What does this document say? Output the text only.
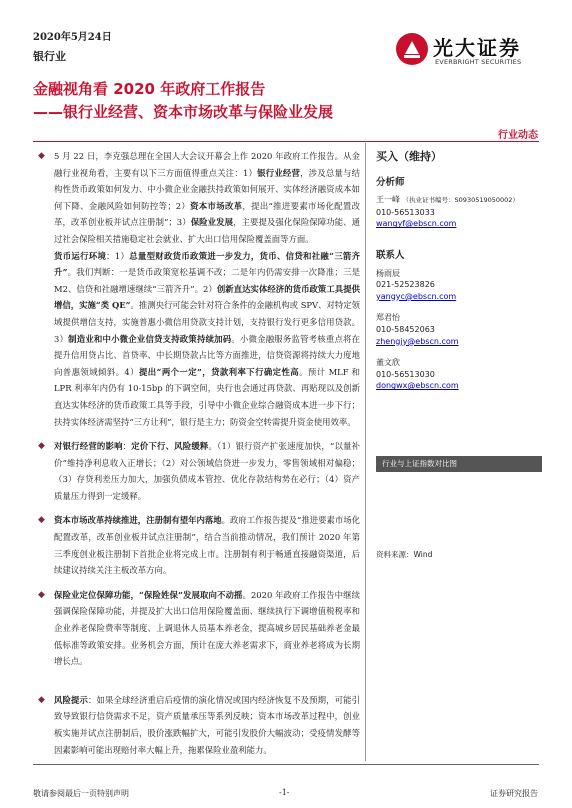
2020年5月24日
银行业	光大证券
EVERBRIGHT SECURITIES
金融视角看 2020 年政府工作报告
——银行业经营、资本市场改革与保险业发展
行业动态

◆ 5 月 22 日，李克强总理在全国人大会议开幕会上作 2020 年政府工作报告。从金融行业视角看，主要有以下三方面值得重点关注：1）银行业经营，涉及总量与结构性货币政策如何发力、中小微企业金融扶持政策如何展开、实体经济融资成本如何下降、金融风险如何防控等；2）资本市场改革，提出“推进要素市场化配置改革，改革创业板并试点注册制”；3）保险业发展，主要提及强化保险保障功能、通过社会保险相关措施稳定社会就业、扩大出口信用保险覆盖面等方面。

货币运行环境：1）总量型财政货币政策进一步发力，货币、信贷和社融“三箭齐升”。我们判断：一是货币政策宽松基调不改；二是年内仍需安排一次降准；三是 M2、信贷和社融增速继续“三箭齐升”。2）创新直达实体经济的货币政策工具提供增信，实施“类 QE”。推测央行可能会针对符合条件的金融机构或 SPV、对特定领域提供增信支持，实施普惠小微信用贷款支持计划，支持银行发行更多信用贷款。3）制造业和中小微企业信贷支持政策持续加码。小微金融服务监管考核重点将在提升信用贷占比、首贷率、中长期贷款占比等方面推进，信贷资源将持续大力度地向普惠领域倾斜。4）提出“两个一定”，贷款利率下行确定性高。预计 MLF 和 LPR 利率年内仍有 10-15bp 的下调空间，央行也会通过再贷款、再贴现以及创新直达实体经济的货币政策工具等手段，引导中小微企业综合融资成本进一步下行；扶持实体经济需坚持“三方让利”，银行是主力；防资金空转需提升资金使用效率。

◆ 对银行经营的影响：定价下行、风险缓释。（1）银行资产扩张速度加快，“以量补价”维持净利息收入正增长；（2）对公领域信贷进一步发力，零售领域相对偏稳；（3）存贷利差压力加大，加强负债成本管控、优化存款结构势在必行；（4）资产质量压力得到一定缓释。

◆ 资本市场改革持续推进，注册制有望年内落地。政府工作报告提及“推进要素市场化配置改革，改革创业板并试点注册制”，结合当前推动情况，我们预计 2020 年第三季度创业板注册制下首批企业将完成上市。注册制有利于畅通直接融资渠道，后续建议持续关注主板改革方向。

◆ 保险业定位保障功能，“保险姓保”发展取向不动摇。2020 年政府工作报告中继续强调保险保障功能，并提及扩大出口信用保险覆盖面、继续执行下调增值税税率和企业养老保险费率等制度、上调退休人员基本养老金，提高城乡居民基础养老金最低标准等政策安排。业务机会方面，预计在庞大养老需求下，商业养老将成为长期增长点。

◆ 风险提示：如果全球经济重启后疫情的演化情况或国内经济恢复不及预期，可能引致导致银行信贷需求不足，资产质量承压等系列反映；资本市场改革过程中，创业板实施并试点注册制后，股价涨跌幅扩大，可能引发股价大幅波动；受疫情发酵等因素影响可能出现赔付率大幅上升，拖累保险业盈利能力。

买入（维持）
分析师
王一峰 （执业证书编号：S0930519050002）
010-56513033
wangyf@ebscn.com
联系人
杨雨辰
021-52523826
yangyc@ebscn.com
郑君怡
010-58452063
zhengjy@ebscn.com
董文欣
010-56513030
dongwx@ebscn.com
行业与上证指数对比图
资料来源：Wind
敬请参阅最后一页特别声明	-1-	证券研究报告
